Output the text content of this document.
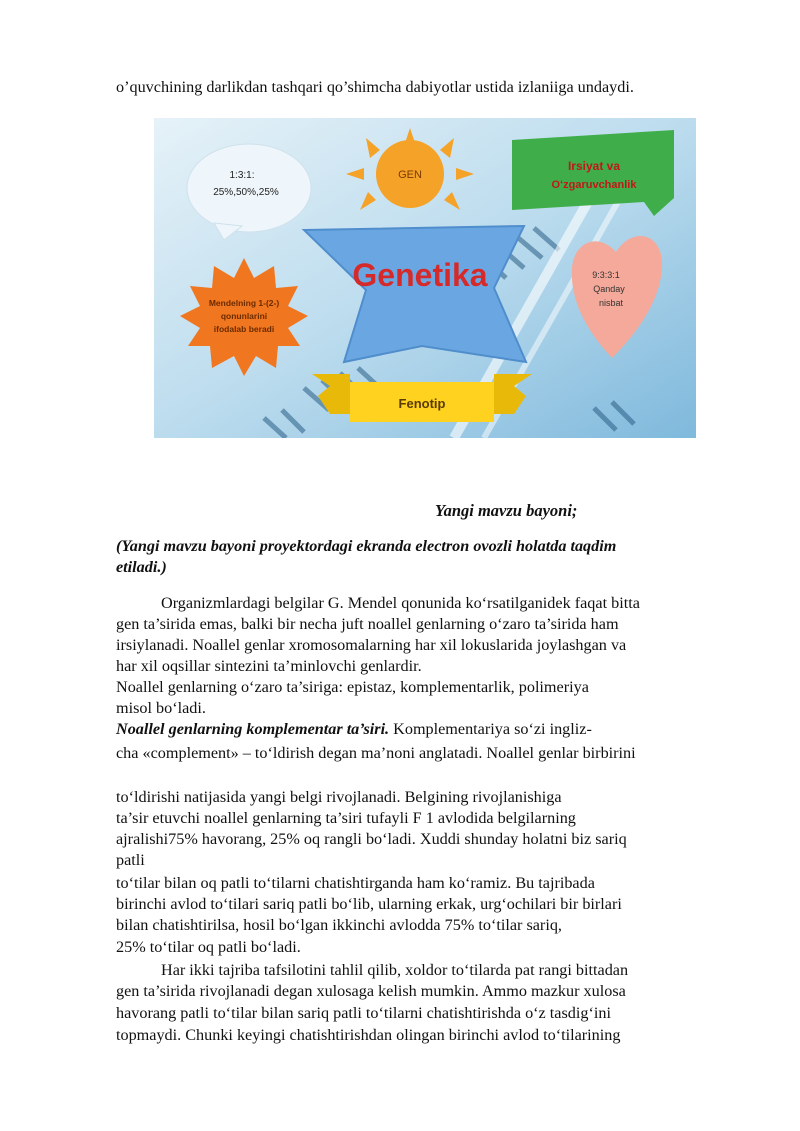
o’quvchining darlikdan tashqari qo’shimcha dabiyotlar ustida izlaniiga undaydi.
GEN
1:3:1:
25%,50%,25%
Irsiyat va
O‘zgaruvchanlik
Genetika	9:3:3:1
Qanday
nisbat
Mendelning 1-(2-)
qonunlarini
ifodalab beradi
Fenotip
Yangi mavzu bayoni;
(Yangi mavzu bayoni proyektordagi ekranda electron ovozli holatda taqdim
etiladi.)
Organizmlardagi belgilar G. Mendel qonunida ko‘rsatilganidek faqat bitta
gen ta’sirida emas, balki bir necha juft noallel genlarning o‘zaro ta’sirida ham
irsiylanadi. Noallel genlar xromosomalarning har xil lokuslarida joylashgan va
har xil oqsillar sintezini ta’minlovchi genlardir.
Noallel genlarning o‘zaro ta’siriga: epistaz, komplementarlik, polimeriya
misol bo‘ladi.
Noallel genlarning komplementar ta’siri. Komplementariya so‘zi ingliz-
cha «complement» – to‘ldirish degan ma’noni anglatadi. Noallel genlar birbirini
to‘ldirishi natijasida yangi belgi rivojlanadi. Belgining rivojlanishiga
ta’sir etuvchi noallel genlarning ta’siri tufayli F 1 avlodida belgilarning
ajralishi75% havorang, 25% oq rangli bo‘ladi. Xuddi shunday holatni biz sariq
patli
to‘tilar bilan oq patli to‘tilarni chatishtirganda ham ko‘ramiz. Bu tajribada
birinchi avlod to‘tilari sariq patli bo‘lib, ularning erkak, urg‘ochilari bir birlari
bilan chatishtirilsa, hosil bo‘lgan ikkinchi avlodda 75% to‘tilar sariq,
25% to‘tilar oq patli bo‘ladi.
Har ikki tajriba tafsilotini tahlil qilib, xoldor to‘tilarda pat rangi bittadan
gen ta’sirida rivojlanadi degan xulosaga kelish mumkin. Ammo mazkur xulosa
havorang patli to‘tilar bilan sariq patli to‘tilarni chatishtirishda o‘z tasdig‘ini
topmaydi. Chunki keyingi chatishtirishdan olingan birinchi avlod to‘tilarining
